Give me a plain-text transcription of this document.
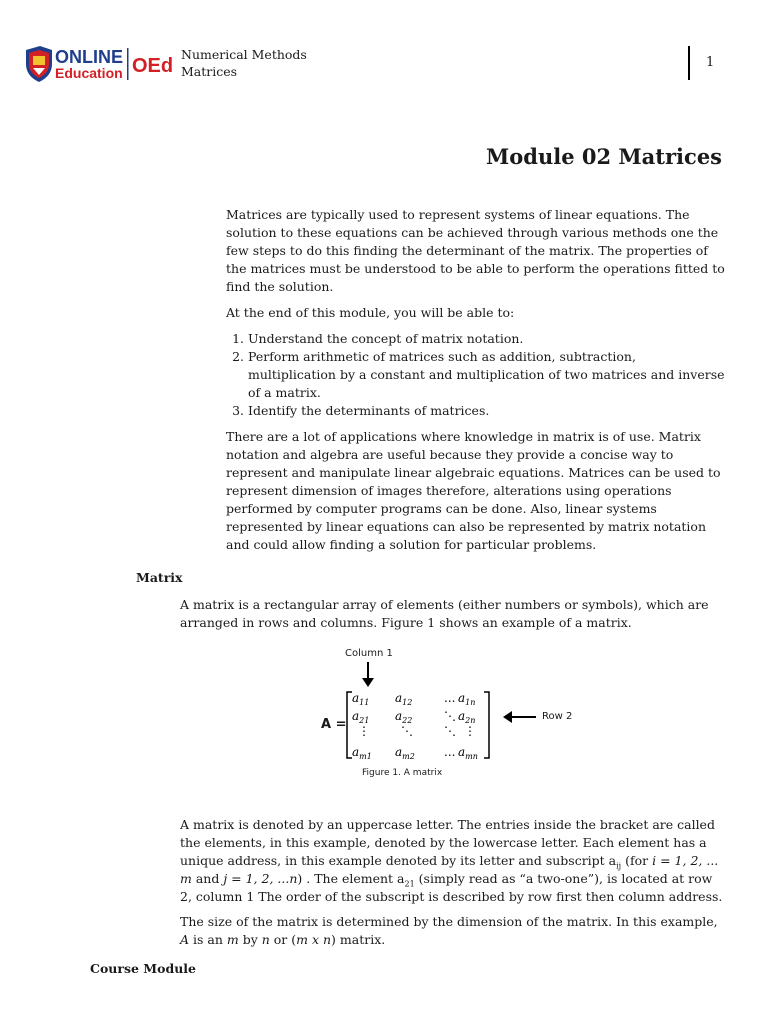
ONLINE
Education OEd
Numerical Methods
Matrices
1
Module 02 Matrices

Matrices are typically used to represent systems of linear equations. The solution to these equations can be achieved through various methods one the few steps to do this finding the determinant of the matrix. The properties of the matrices must be understood to be able to perform the operations fitted to find the solution.

At the end of this module, you will be able to:

1. Understand the concept of matrix notation.
2. Perform arithmetic of matrices such as addition, subtraction, multiplication by a constant and multiplication of two matrices and inverse of a matrix.
3. Identify the determinants of matrices.

There are a lot of applications where knowledge in matrix is of use. Matrix notation and algebra are useful because they provide a concise way to represent and manipulate linear algebraic equations. Matrices can be used to represent dimension of images therefore, alterations using operations performed by computer programs can be done. Also, linear systems represented by linear equations can also be represented by matrix notation and could allow finding a solution for particular problems.

Matrix

A matrix is a rectangular array of elements (either numbers or symbols), which are arranged in rows and columns. Figure 1 shows an example of a matrix.

Column 1
A =
$a_{11}$ $a_{12}$	... $a_{1n}$
$a_{21}$ $a_{22}$	⋱ $a_{2n}$
⋮	⋱	⋱ ⋮
$a_{m1}$ $a_{m2}$ ... $a_{mn}$
Row 2
Figure 1. A matrix

A matrix is denoted by an uppercase letter. The entries inside the bracket are called the elements, in this example, denoted by the lowercase letter. Each element has a unique address, in this example denoted by its letter and subscript $a_{ij}$ (for i = 1, 2, ... m and j = 1, 2, ...n) . The element $a_{21}$ (simply read as “a two-one”), is located at row 2, column 1 The order of the subscript is described by row first then column address.

The size of the matrix is determined by the dimension of the matrix. In this example, A is an m by n or (m x n) matrix.

Course Module
